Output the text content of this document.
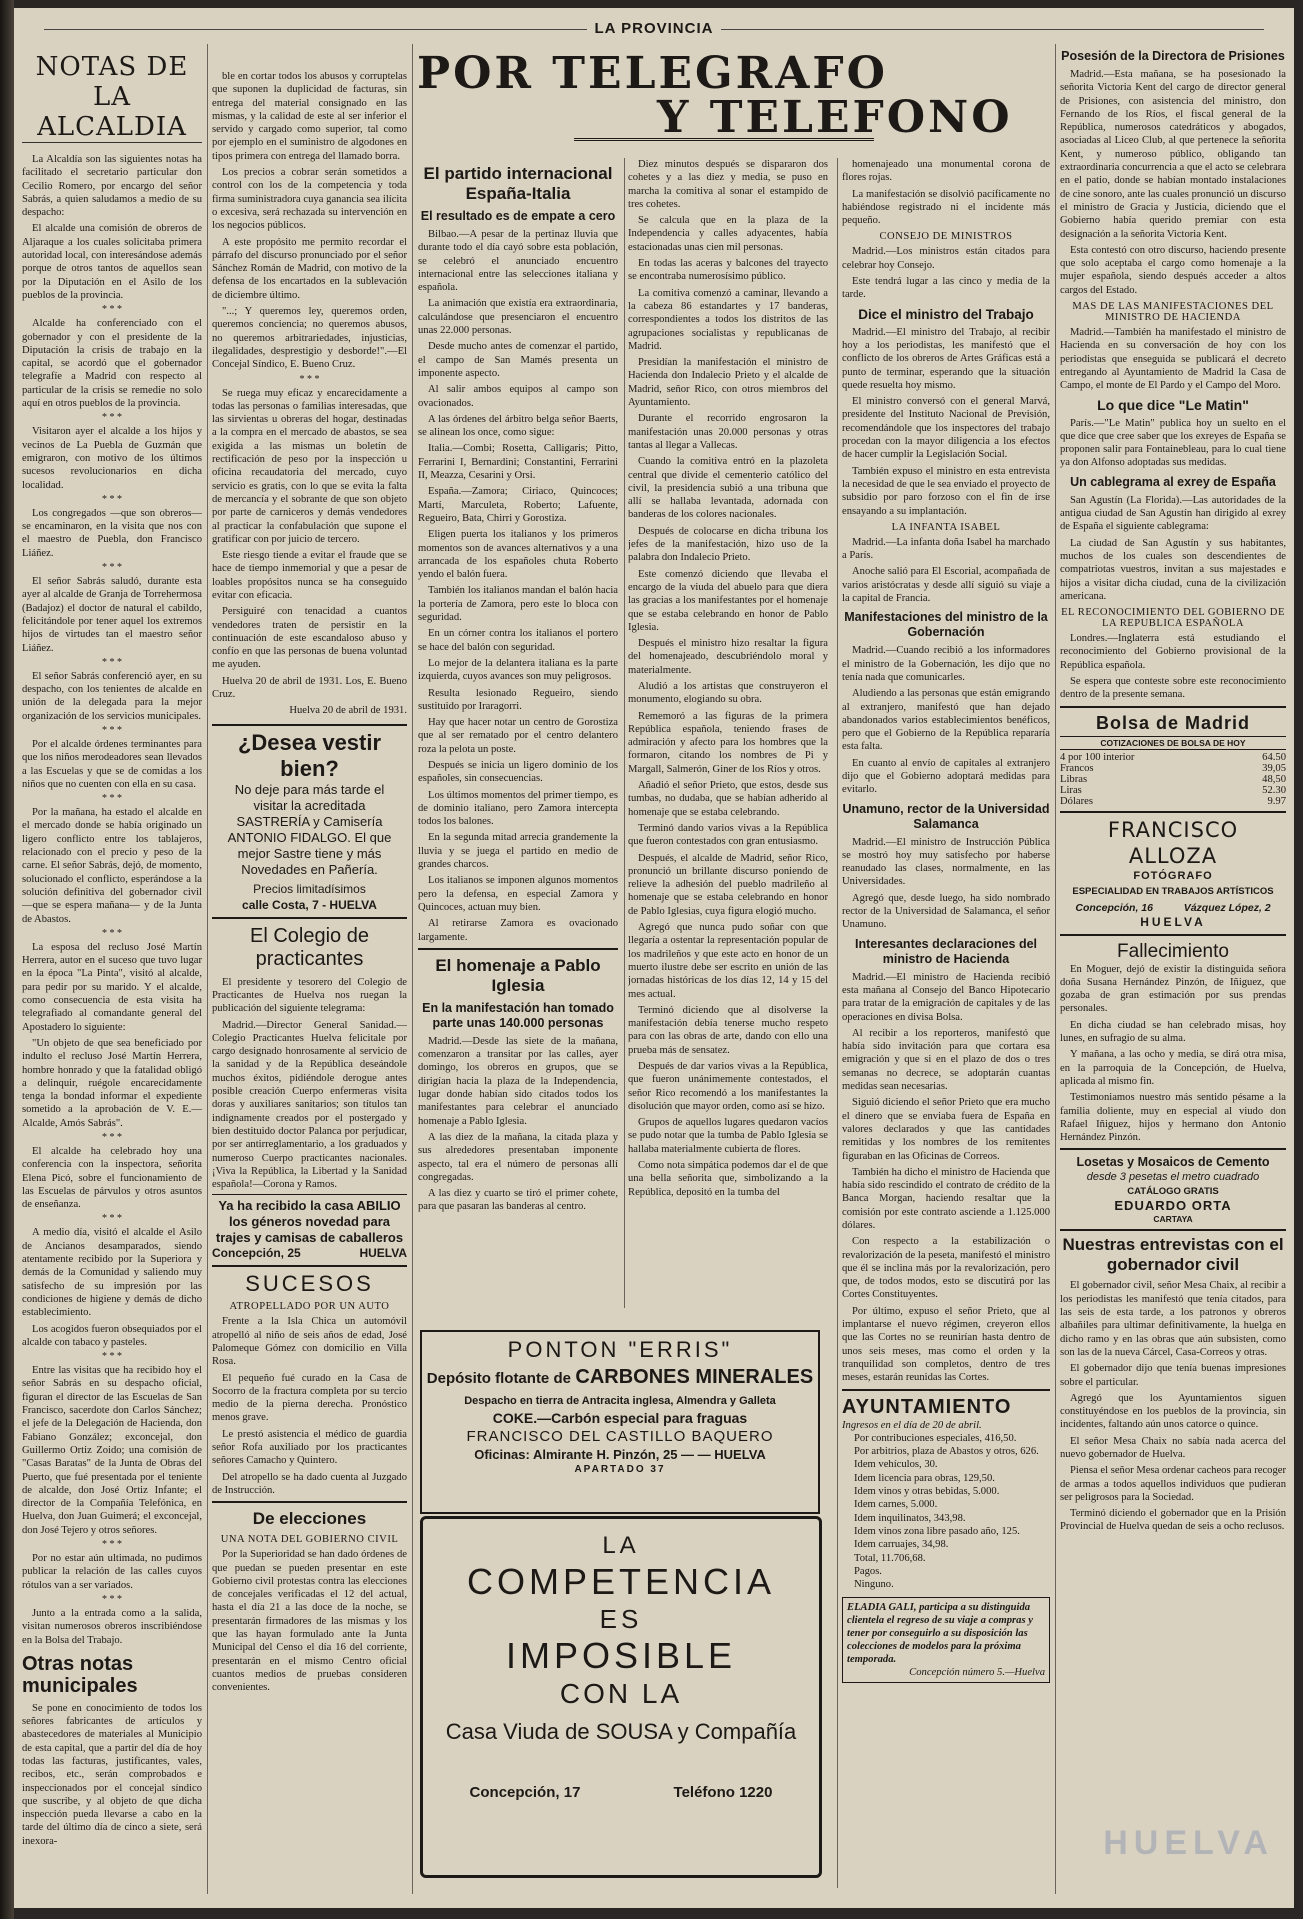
LA PROVINCIA
NOTAS DE LA ALCALDIA

La Alcaldía son las siguientes notas ha facilitado el secretario particular don Cecilio Romero, por encargo del señor Sabrás, a quien saludamos a medio de su despacho:

El alcalde una comisión de obreros de Aljaraque a los cuales solicitaba primera autoridad local, con interesándose además porque de otros tantos de aquellos sean por la Diputación en el Asilo de los pueblos de la provincia.

* * *

Alcalde ha conferenciado con el gobernador y con el presidente de la Diputación la crisis de trabajo en la capital, se acordó que el gobernador telegrafíe a Madrid con respecto al particular de la crisis se remedie no solo aquí en otros pueblos de la provincia.

* * *

Visitaron ayer el alcalde a los hijos y vecinos de La Puebla de Guzmán que emigraron, con motivo de los últimos sucesos revolucionarios en dicha localidad.

* * *

Los congregados —que son obreros— se encaminaron, en la visita que nos con el maestro de Puebla, don Francisco Liáñez.

* * *

El señor Sabrás saludó, durante esta ayer al alcalde de Granja de Torrehermosa (Badajoz) el doctor de natural el cabildo, felicitándole por tener aquel los extremos hijos de virtudes tan el maestro señor Liáñez.

* * *

El señor Sabrás conferenció ayer, en su despacho, con los tenientes de alcalde en unión de la delegada para la mejor organización de los servicios municipales.

* * *

Por el alcalde órdenes terminantes para que los niños merodeadores sean llevados a las Escuelas y que se de comidas a los niños que no cuenten con ella en su casa.

* * *

Por la mañana, ha estado el alcalde en el mercado donde se había originado un ligero conflicto entre los tablajeros, relacionado con el precio y peso de la carne. El señor Sabrás, dejó, de momento, solucionado el conflicto, esperándose a la solución definitiva del gobernador civil —que se espera mañana— y de la Junta de Abastos.

* * *

La esposa del recluso José Martín Herrera, autor en el suceso que tuvo lugar en la época "La Pinta", visitó al alcalde, para pedir por su marido. Y el alcalde, como consecuencia de esta visita ha telegrafiado al comandante general del Apostadero lo siguiente:

"Un objeto de que sea beneficiado por indulto el recluso José Martín Herrera, hombre honrado y que la fatalidad obligó a delinquir, ruégole encarecidamente tenga la bondad informar el expediente sometido a la aprobación de V. E.—Alcalde, Amós Sabrás".

* * *

El alcalde ha celebrado hoy una conferencia con la inspectora, señorita Elena Picó, sobre el funcionamiento de las Escuelas de párvulos y otros asuntos de enseñanza.

* * *

A medio día, visitó el alcalde el Asilo de Ancianos desamparados, siendo atentamente recibido por la Superiora y demás de la Comunidad y saliendo muy satisfecho de su impresión por las condiciones de higiene y demás de dicho establecimiento.

Los acogidos fueron obsequiados por el alcalde con tabaco y pasteles.

* * *

Entre las visitas que ha recibido hoy el señor Sabrás en su despacho oficial, figuran el director de las Escuelas de San Francisco, sacerdote don Carlos Sánchez; el jefe de la Delegación de Hacienda, don Fabiano González; exconcejal, don Guillermo Ortiz Zoido; una comisión de "Casas Baratas" de la Junta de Obras del Puerto, que fué presentada por el teniente de alcalde, don José Ortiz Infante; el director de la Compañía Telefónica, en Huelva, don Juan Guimerá; el exconcejal, don José Tejero y otros señores.

* * *

Por no estar aún ultimada, no pudimos publicar la relación de las calles cuyos rótulos van a ser variados.

* * *

Junto a la entrada como a la salida, visitan numerosos obreros inscribiéndose en la Bolsa del Trabajo.

Otras notas municipales

Se pone en conocimiento de todos los señores fabricantes de artículos y abastecedores de materiales al Municipio de esta capital, que a partir del día de hoy todas las facturas, justificantes, vales, recibos, etc., serán comprobados e inspeccionados por el concejal síndico que suscribe, y al objeto de que dicha inspección pueda llevarse a cabo en la tarde del último día de cinco a siete, será inexora-

ble en cortar todos los abusos y corruptelas que suponen la duplicidad de facturas, sin entrega del material consignado en las mismas, y la calidad de este al ser inferior el servido y cargado como superior, tal como por ejemplo en el suministro de algodones en tipos primera con entrega del llamado borra.

Los precios a cobrar serán sometidos a control con los de la competencia y toda firma suministradora cuya ganancia sea ilícita o excesiva, será rechazada su intervención en los negocios públicos.

A este propósito me permito recordar el párrafo del discurso pronunciado por el señor Sánchez Román de Madrid, con motivo de la defensa de los encartados en la sublevación de diciembre último.

"...; Y queremos ley, queremos orden, queremos conciencia; no queremos abusos, no queremos arbitrariedades, injusticias, ilegalidades, desprestigio y desborde!".—El Concejal Síndico, E. Bueno Cruz.

* * *

Se ruega muy eficaz y encarecidamente a todas las personas o familias interesadas, que las sirvientas u obreras del hogar, destinadas a la compra en el mercado de abastos, se sea exigida a las mismas un boletín de rectificación de peso por la inspección u oficina recaudatoria del mercado, cuyo servicio es gratis, con lo que se evita la falta de mercancía y el sobrante de que son objeto por parte de carniceros y demás vendedores al practicar la confabulación que supone el gratificar con por juicio de tercero.

Este riesgo tiende a evitar el fraude que se hace de tiempo inmemorial y que a pesar de loables propósitos nunca se ha conseguido evitar con eficacia.

Persiguiré con tenacidad a cuantos vendedores traten de persistir en la continuación de este escandaloso abuso y confío en que las personas de buena voluntad me ayuden.

Huelva 20 de abril de 1931. Los, E. Bueno Cruz.

Huelva 20 de abril de 1931.

¿Desea vestir bien?
No deje para más tarde el visitar la acreditada SASTRERÍA y Camisería ANTONIO FIDALGO. El que mejor Sastre tiene y más Novedades en Pañería.
Precios limitadísimos
calle Costa, 7 - HUELVA
El Colegio de practicantes

El presidente y tesorero del Colegio de Practicantes de Huelva nos ruegan la publicación del siguiente telegrama:

Madrid.—Director General Sanidad.—Colegio Practicantes Huelva felicitale por cargo designado honrosamente al servicio de la sanidad y de la República deseándole muchos éxitos, pidiéndole derogue antes posible creación Cuerpo enfermeras visita doras y auxiliares sanitarios; son títulos tan indignamente creados por el postergado y bien destituido doctor Palanca por perjudicar, por ser antirreglamentario, a los graduados y numeroso Cuerpo practicantes nacionales. ¡Viva la República, la Libertad y la Sanidad española!—Corona y Ramos.

Ya ha recibido la casa ABILIO los géneros novedad para trajes y camisas de caballeros
Concepción, 25	HUELVA
SUCESOS
ATROPELLADO POR UN AUTO

Frente a la Isla Chica un automóvil atropelló al niño de seis años de edad, José Palomeque Gómez con domicilio en Villa Rosa.

El pequeño fué curado en la Casa de Socorro de la fractura completa por su tercio medio de la pierna derecha. Pronóstico menos grave.

Le prestó asistencia el médico de guardia señor Rofa auxiliado por los practicantes señores Camacho y Quintero.

Del atropello se ha dado cuenta al Juzgado de Instrucción.

De elecciones
UNA NOTA DEL GOBIERNO CIVIL

Por la Superioridad se han dado órdenes de que puedan se pueden presentar en este Gobierno civil protestas contra las elecciones de concejales verificadas el 12 del actual, hasta el día 21 a las doce de la noche, se presentarán firmadores de las mismas y los que las hayan formulado ante la Junta Municipal del Censo el día 16 del corriente, presentarán en el mismo Centro oficial cuantos medios de pruebas consideren convenientes.

POR TELEGRAFO
Y TELEFONO
El partido internacional España-Italia
El resultado es de empate a cero

Bilbao.—A pesar de la pertinaz lluvia que durante todo el día cayó sobre esta población, se celebró el anunciado encuentro internacional entre las selecciones italiana y española.

La animación que existía era extraordinaria, calculándose que presenciaron el encuentro unas 22.000 personas.

Desde mucho antes de comenzar el partido, el campo de San Mamés presenta un imponente aspecto.

Al salir ambos equipos al campo son ovacionados.

A las órdenes del árbitro belga señor Baerts, se alinean los once, como sigue:

Italia.—Combi; Rosetta, Calligaris; Pitto, Ferrarini I, Bernardini; Constantini, Ferrarini II, Meazza, Cesarini y Orsi.

España.—Zamora; Ciriaco, Quincoces; Martí, Marculeta, Roberto; Lafuente, Regueiro, Bata, Chirri y Gorostiza.

Eligen puerta los italianos y los primeros momentos son de avances alternativos y a una arrancada de los españoles chuta Roberto yendo el balón fuera.

También los italianos mandan el balón hacia la portería de Zamora, pero este lo bloca con seguridad.

En un córner contra los italianos el portero se hace del balón con seguridad.

Lo mejor de la delantera italiana es la parte izquierda, cuyos avances son muy peligrosos.

Resulta lesionado Regueiro, siendo sustituido por Iraragorri.

Hay que hacer notar un centro de Gorostiza que al ser rematado por el centro delantero roza la pelota un poste.

Después se inicia un ligero dominio de los españoles, sin consecuencias.

Los últimos momentos del primer tiempo, es de dominio italiano, pero Zamora intercepta todos los balones.

En la segunda mitad arrecia grandemente la lluvia y se juega el partido en medio de grandes charcos.

Los italianos se imponen algunos momentos pero la defensa, en especial Zamora y Quincoces, actuan muy bien.

Al retirarse Zamora es ovacionado largamente.

El homenaje a Pablo Iglesia
En la manifestación han tomado parte unas 140.000 personas

Madrid.—Desde las siete de la mañana, comenzaron a transitar por las calles, ayer domingo, los obreros en grupos, que se dirigían hacia la plaza de la Independencia, lugar donde habían sido citados todos los manifestantes para celebrar el anunciado homenaje a Pablo Iglesia.

A las diez de la mañana, la citada plaza y sus alrededores presentaban imponente aspecto, tal era el número de personas allí congregadas.

A las diez y cuarto se tiró el primer cohete, para que pasaran las banderas al centro.

Diez minutos después se dispararon dos cohetes y a las diez y media, se puso en marcha la comitiva al sonar el estampido de tres cohetes.

Se calcula que en la plaza de la Independencia y calles adyacentes, había estacionadas unas cien mil personas.

En todas las aceras y balcones del trayecto se encontraba numerosísimo público.

La comitiva comenzó a caminar, llevando a la cabeza 86 estandartes y 17 banderas, correspondientes a todos los distritos de las agrupaciones socialistas y republicanas de Madrid.

Presidían la manifestación el ministro de Hacienda don Indalecio Prieto y el alcalde de Madrid, señor Rico, con otros miembros del Ayuntamiento.

Durante el recorrido engrosaron la manifestación unas 20.000 personas y otras tantas al llegar a Vallecas.

Cuando la comitiva entró en la plazoleta central que divide el cementerio católico del civil, la presidencia subió a una tribuna que allí se hallaba levantada, adornada con banderas de los colores nacionales.

Después de colocarse en dicha tribuna los jefes de la manifestación, hizo uso de la palabra don Indalecio Prieto.

Este comenzó diciendo que llevaba el encargo de la viuda del abuelo para que diera las gracias a los manifestantes por el homenaje que se estaba celebrando en honor de Pablo Iglesia.

Después el ministro hizo resaltar la figura del homenajeado, descubriéndolo moral y materialmente.

Aludió a los artistas que construyeron el monumento, elogiando su obra.

Rememoró a las figuras de la primera República española, teniendo frases de admiración y afecto para los hombres que la formaron, citando los nombres de Pi y Margall, Salmerón, Giner de los Ríos y otros.

Añadió el señor Prieto, que estos, desde sus tumbas, no dudaba, que se habían adherido al homenaje que se estaba celebrando.

Terminó dando varios vivas a la República que fueron contestados con gran entusiasmo.

Después, el alcalde de Madrid, señor Rico, pronunció un brillante discurso poniendo de relieve la adhesión del pueblo madrileño al homenaje que se estaba celebrando en honor de Pablo Iglesias, cuya figura elogió mucho.

Agregó que nunca pudo soñar con que llegaría a ostentar la representación popular de los madrileños y que este acto en honor de un muerto ilustre debe ser escrito en unión de las jornadas históricas de los días 12, 14 y 15 del mes actual.

Terminó diciendo que al disolverse la manifestación debía tenerse mucho respeto para con las obras de arte, dando con ello una prueba más de sensatez.

Después de dar varios vivas a la República, que fueron unánimemente contestados, el señor Rico recomendó a los manifestantes la disolución que mayor orden, como así se hizo.

Grupos de aquellos lugares quedaron vacíos se pudo notar que la tumba de Pablo Iglesia se hallaba materialmente cubierta de flores.

Como nota simpática podemos dar el de que una bella señorita que, simbolizando a la República, depositó en la tumba del

PONTON "ERRIS"
Depósito flotante de CARBONES MINERALES
Despacho en tierra de Antracita inglesa, Almendra y Galleta
COKE.—Carbón especial para fraguas
FRANCISCO DEL CASTILLO BAQUERO
Oficinas: Almirante H. Pinzón, 25 — — HUELVA
APARTADO 37
LA
COMPETENCIA
ES
IMPOSIBLE
CON LA
Casa Viuda de SOUSA y Compañía
Concepción, 17	Teléfono 1220

homenajeado una monumental corona de flores rojas.

La manifestación se disolvió pacíficamente no habiéndose registrado ni el incidente más pequeño.

CONSEJO DE MINISTROS

Madrid.—Los ministros están citados para celebrar hoy Consejo.

Este tendrá lugar a las cinco y media de la tarde.

Dice el ministro del Trabajo

Madrid.—El ministro del Trabajo, al recibir hoy a los periodistas, les manifestó que el conflicto de los obreros de Artes Gráficas está a punto de terminar, esperando que la situación quede resuelta hoy mismo.

El ministro conversó con el general Marvá, presidente del Instituto Nacional de Previsión, recomendándole que los inspectores del trabajo procedan con la mayor diligencia a los efectos de hacer cumplir la Legislación Social.

También expuso el ministro en esta entrevista la necesidad de que le sea enviado el proyecto de subsidio por paro forzoso con el fin de irse ensayando a su implantación.

LA INFANTA ISABEL

Madrid.—La infanta doña Isabel ha marchado a París.

Anoche salió para El Escorial, acompañada de varios aristócratas y desde allí siguió su viaje a la capital de Francia.

Manifestaciones del ministro de la Gobernación

Madrid.—Cuando recibió a los informadores el ministro de la Gobernación, les dijo que no tenía nada que comunicarles.

Aludiendo a las personas que están emigrando al extranjero, manifestó que han dejado abandonados varios establecimientos benéficos, pero que el Gobierno de la República repararía esta falta.

En cuanto al envío de capitales al extranjero dijo que el Gobierno adoptará medidas para evitarlo.

Unamuno, rector de la Universidad Salamanca

Madrid.—El ministro de Instrucción Pública se mostró hoy muy satisfecho por haberse reanudado las clases, normalmente, en las Universidades.

Agregó que, desde luego, ha sido nombrado rector de la Universidad de Salamanca, el señor Unamuno.

Interesantes declaraciones del ministro de Hacienda

Madrid.—El ministro de Hacienda recibió esta mañana al Consejo del Banco Hipotecario para tratar de la emigración de capitales y de las operaciones en divisa Bolsa.

Al recibir a los reporteros, manifestó que había sido invitación para que cortara esa emigración y que si en el plazo de dos o tres semanas no decrece, se adoptarán cuantas medidas sean necesarias.

Siguió diciendo el señor Prieto que era mucho el dinero que se enviaba fuera de España en valores declarados y que las cantidades remitidas y los nombres de los remitentes figuraban en las Oficinas de Correos.

También ha dicho el ministro de Hacienda que había sido rescindido el contrato de crédito de la Banca Morgan, haciendo resaltar que la comisión por este contrato asciende a 1.125.000 dólares.

Con respecto a la estabilización o revalorización de la peseta, manifestó el ministro que él se inclina más por la revalorización, pero que, de todos modos, esto se discutirá por las Cortes Constituyentes.

Por último, expuso el señor Prieto, que al implantarse el nuevo régimen, creyeron ellos que las Cortes no se reunirían hasta dentro de unos seis meses, mas como el orden y la tranquilidad son completos, dentro de tres meses, estarán reunidas las Cortes.

AYUNTAMIENTO
Ingresos en el día de 20 de abril.
Por contribuciones especiales, 416,50.
Por arbitrios, plaza de Abastos y otros, 626.
Idem vehículos, 30.
Idem licencia para obras, 129,50.
Idem vinos y otras bebidas, 5.000.
Idem carnes, 5.000.
Idem inquilinatos, 343,98.
Idem vinos zona libre pasado año, 125.
Idem carruajes, 34,98.
Total, 11.706,68.
Pagos.
Ninguno.
ELADIA GALI, participa a su distinguida clientela el regreso de su viaje a compras y tener por conseguirlo a su disposición las colecciones de modelos para la próxima temporada.
Concepción número 5.—Huelva
Posesión de la Directora de Prisiones

Madrid.—Esta mañana, se ha posesionado la señorita Victoria Kent del cargo de director general de Prisiones, con asistencia del ministro, don Fernando de los Ríos, el fiscal general de la República, numerosos catedráticos y abogados, asociadas al Liceo Club, al que pertenece la señorita Kent, y numeroso público, obligando tan extraordinaria concurrencia a que el acto se celebrara en el patio, donde se habían montado instalaciones de cine sonoro, ante las cuales pronunció un discurso el ministro de Gracia y Justicia, diciendo que el Gobierno había querido premiar con esta designación a la señorita Victoria Kent.

Esta contestó con otro discurso, haciendo presente que solo aceptaba el cargo como homenaje a la mujer española, siendo después acceder a altos cargos del Estado.

MAS DE LAS MANIFESTACIONES DEL MINISTRO DE HACIENDA

Madrid.—También ha manifestado el ministro de Hacienda en su conversación de hoy con los periodistas que enseguida se publicará el decreto entregando al Ayuntamiento de Madrid la Casa de Campo, el monte de El Pardo y el Campo del Moro.

Lo que dice "Le Matin"

París.—"Le Matin" publica hoy un suelto en el que dice que cree saber que los exreyes de España se proponen salir para Fontainebleau, para lo cual tiene ya don Alfonso adoptadas sus medidas.

Un cablegrama al exrey de España

San Agustín (La Florida).—Las autoridades de la antigua ciudad de San Agustín han dirigido al exrey de España el siguiente cablegrama:

La ciudad de San Agustín y sus habitantes, muchos de los cuales son descendientes de compatriotas vuestros, invitan a sus majestades e hijos a visitar dicha ciudad, cuna de la civilización americana.

EL RECONOCIMIENTO DEL GOBIERNO DE LA REPUBLICA ESPAÑOLA

Londres.—Inglaterra está estudiando el reconocimiento del Gobierno provisional de la República española.

Se espera que conteste sobre este reconocimiento dentro de la presente semana.

Bolsa de Madrid
COTIZACIONES DE BOLSA DE HOY
4 por 100 interior	64.50
Francos	39,05
Libras	48,50
Liras	52.30
Dólares	9.97
FRANCISCO ALLOZA
FOTÓGRAFO
ESPECIALIDAD EN TRABAJOS ARTÍSTICOS
Concepción, 16	Vázquez López, 2
HUELVA
Fallecimiento

En Moguer, dejó de existir la distinguida señora doña Susana Hernández Pinzón, de Iñiguez, que gozaba de gran estimación por sus prendas personales.

En dicha ciudad se han celebrado misas, hoy lunes, en sufragio de su alma.

Y mañana, a las ocho y media, se dirá otra misa, en la parroquia de la Concepción, de Huelva, aplicada al mismo fin.

Testimoniamos nuestro más sentido pésame a la familia doliente, muy en especial al viudo don Rafael Iñiguez, hijos y hermano don Antonio Hernández Pinzón.

Losetas y Mosaicos de Cemento
desde 3 pesetas el metro cuadrado
CATÁLOGO GRATIS
EDUARDO ORTA
CARTAYA
Nuestras entrevistas con el gobernador civil

El gobernador civil, señor Mesa Chaix, al recibir a los periodistas les manifestó que tenía citados, para las seis de esta tarde, a los patronos y obreros albañiles para ultimar definitivamente, la huelga en dicho ramo y en las obras que aún subsisten, como son las de la nueva Cárcel, Casa-Correos y otras.

El gobernador dijo que tenía buenas impresiones sobre el particular.

Agregó que los Ayuntamientos siguen constituyéndose en los pueblos de la provincia, sin incidentes, faltando aún unos catorce o quince.

El señor Mesa Chaix no sabía nada acerca del nuevo gobernador de Huelva.

Piensa el señor Mesa ordenar cacheos para recoger de armas a todos aquellos individuos que pudieran ser peligrosos para la Sociedad.

Terminó diciendo el gobernador que en la Prisión Provincial de Huelva quedan de seis a ocho reclusos.

HUELVA
